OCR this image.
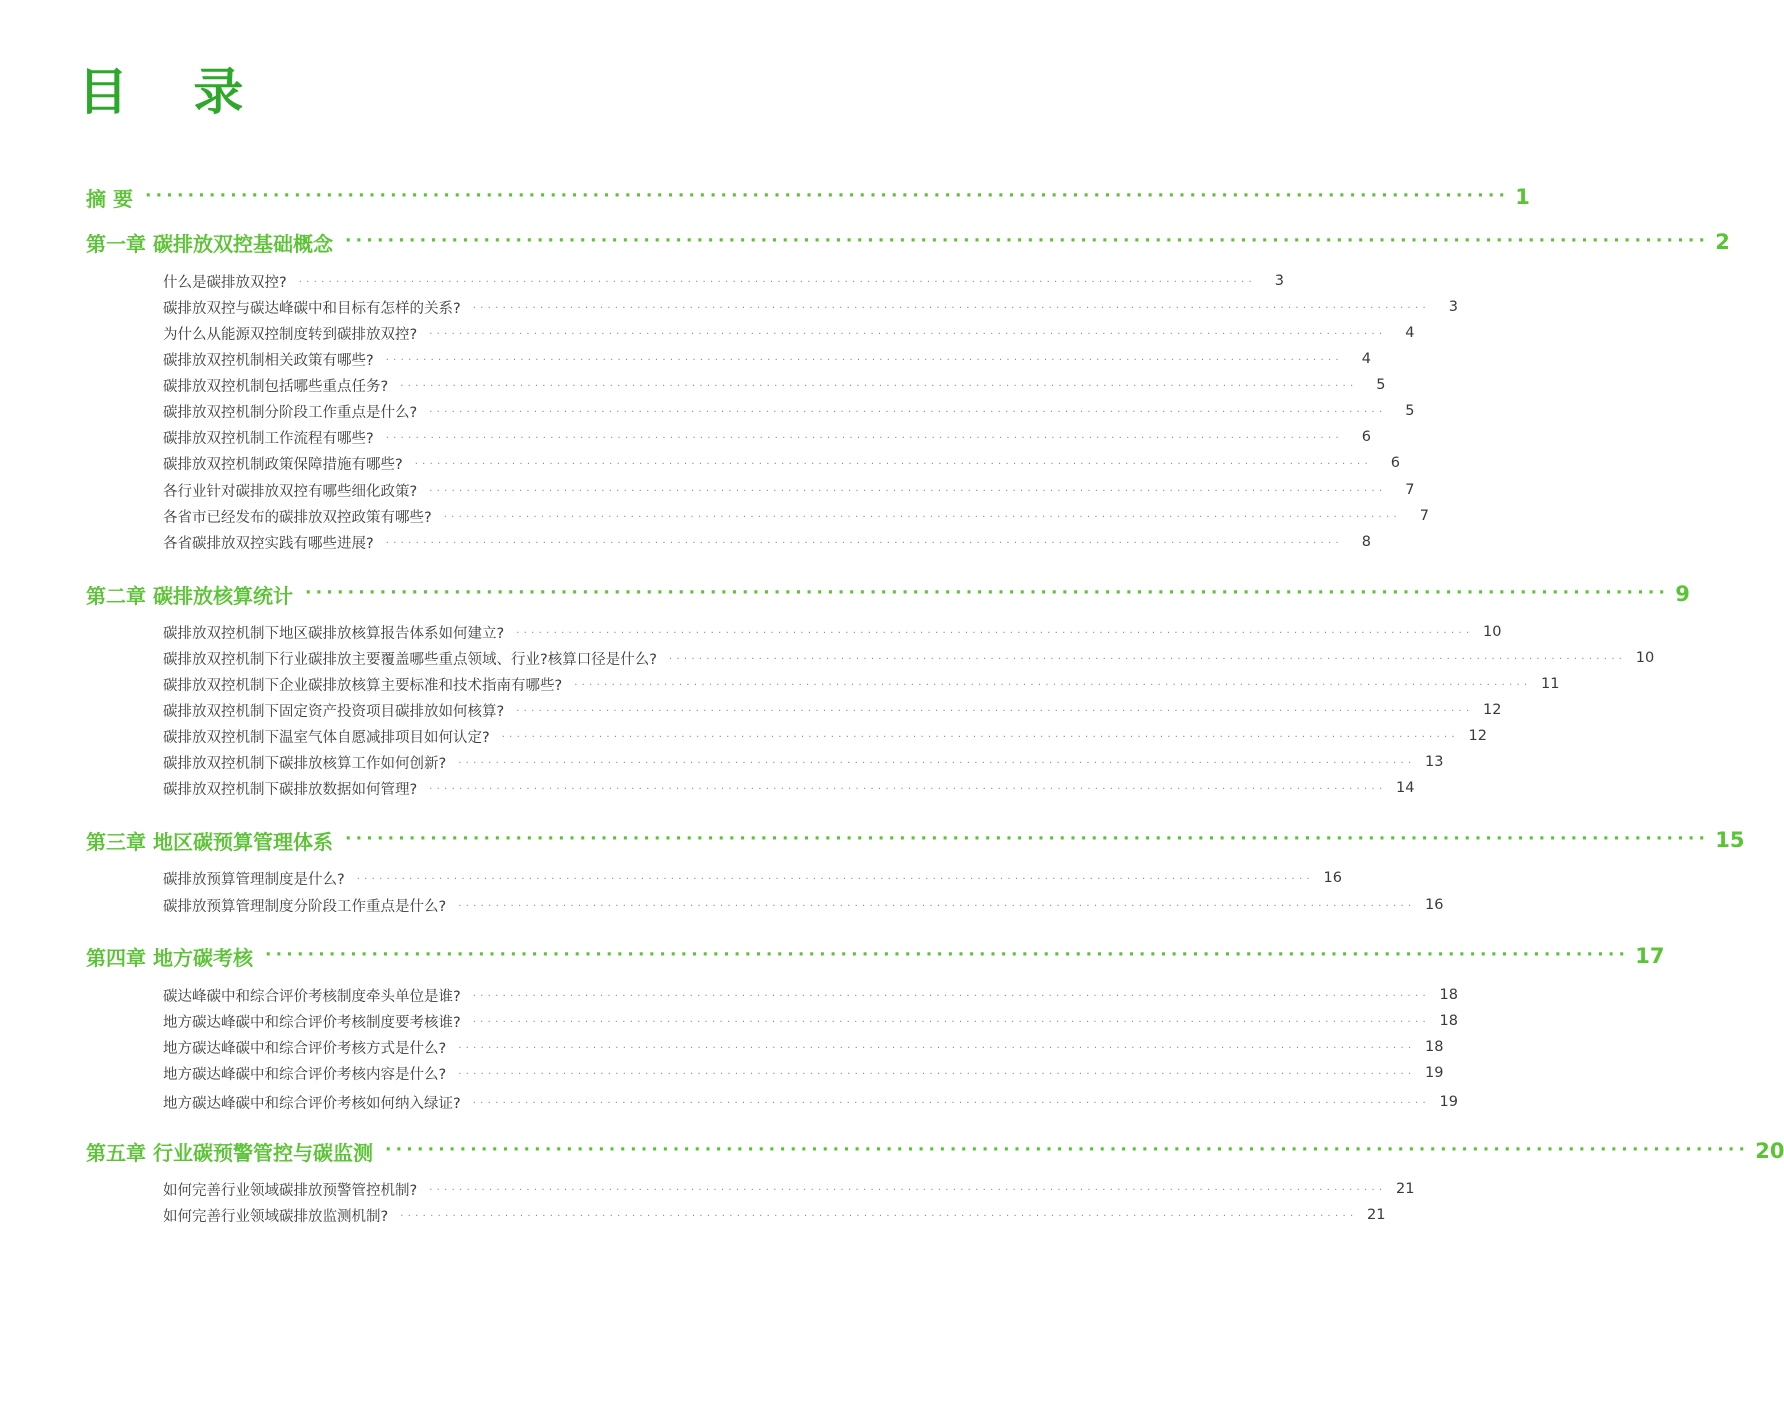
目 录
摘 要 ································································································································ 1
第一章 碳排放双控基础概念 ································································································································ 2
什么是碳排放双控? ································································································································	3
碳排放双控与碳达峰碳中和目标有怎样的关系? ································································································································	3
为什么从能源双控制度转到碳排放双控? ································································································································	4
碳排放双控机制相关政策有哪些? ································································································································	4
碳排放双控机制包括哪些重点任务? ································································································································	5
碳排放双控机制分阶段工作重点是什么? ································································································································	5
碳排放双控机制工作流程有哪些? ································································································································	6
碳排放双控机制政策保障措施有哪些? ································································································································	6
各行业针对碳排放双控有哪些细化政策? ································································································································	7
各省市已经发布的碳排放双控政策有哪些? ································································································································	7
各省碳排放双控实践有哪些进展? ································································································································	8
第二章 碳排放核算统计 ································································································································ 9
碳排放双控机制下地区碳排放核算报告体系如何建立? ································································································································ 10
碳排放双控机制下行业碳排放主要覆盖哪些重点领域、行业?核算口径是什么? ································································································································ 10
碳排放双控机制下企业碳排放核算主要标准和技术指南有哪些? ································································································································ 11
碳排放双控机制下固定资产投资项目碳排放如何核算? ································································································································ 12
碳排放双控机制下温室气体自愿减排项目如何认定? ································································································································ 12
碳排放双控机制下碳排放核算工作如何创新? ································································································································ 13
碳排放双控机制下碳排放数据如何管理? ································································································································ 14
第三章 地区碳预算管理体系 ································································································································ 15
碳排放预算管理制度是什么? ································································································································ 16
碳排放预算管理制度分阶段工作重点是什么? ································································································································ 16
第四章 地方碳考核 ································································································································ 17
碳达峰碳中和综合评价考核制度牵头单位是谁? ································································································································ 18
地方碳达峰碳中和综合评价考核制度要考核谁? ································································································································ 18
地方碳达峰碳中和综合评价考核方式是什么? ································································································································ 18
地方碳达峰碳中和综合评价考核内容是什么? ································································································································ 19
地方碳达峰碳中和综合评价考核如何纳入绿证? ································································································································ 19
第五章 行业碳预警管控与碳监测 ································································································································ 20
如何完善行业领域碳排放预警管控机制? ································································································································ 21
如何完善行业领域碳排放监测机制? ································································································································ 21
